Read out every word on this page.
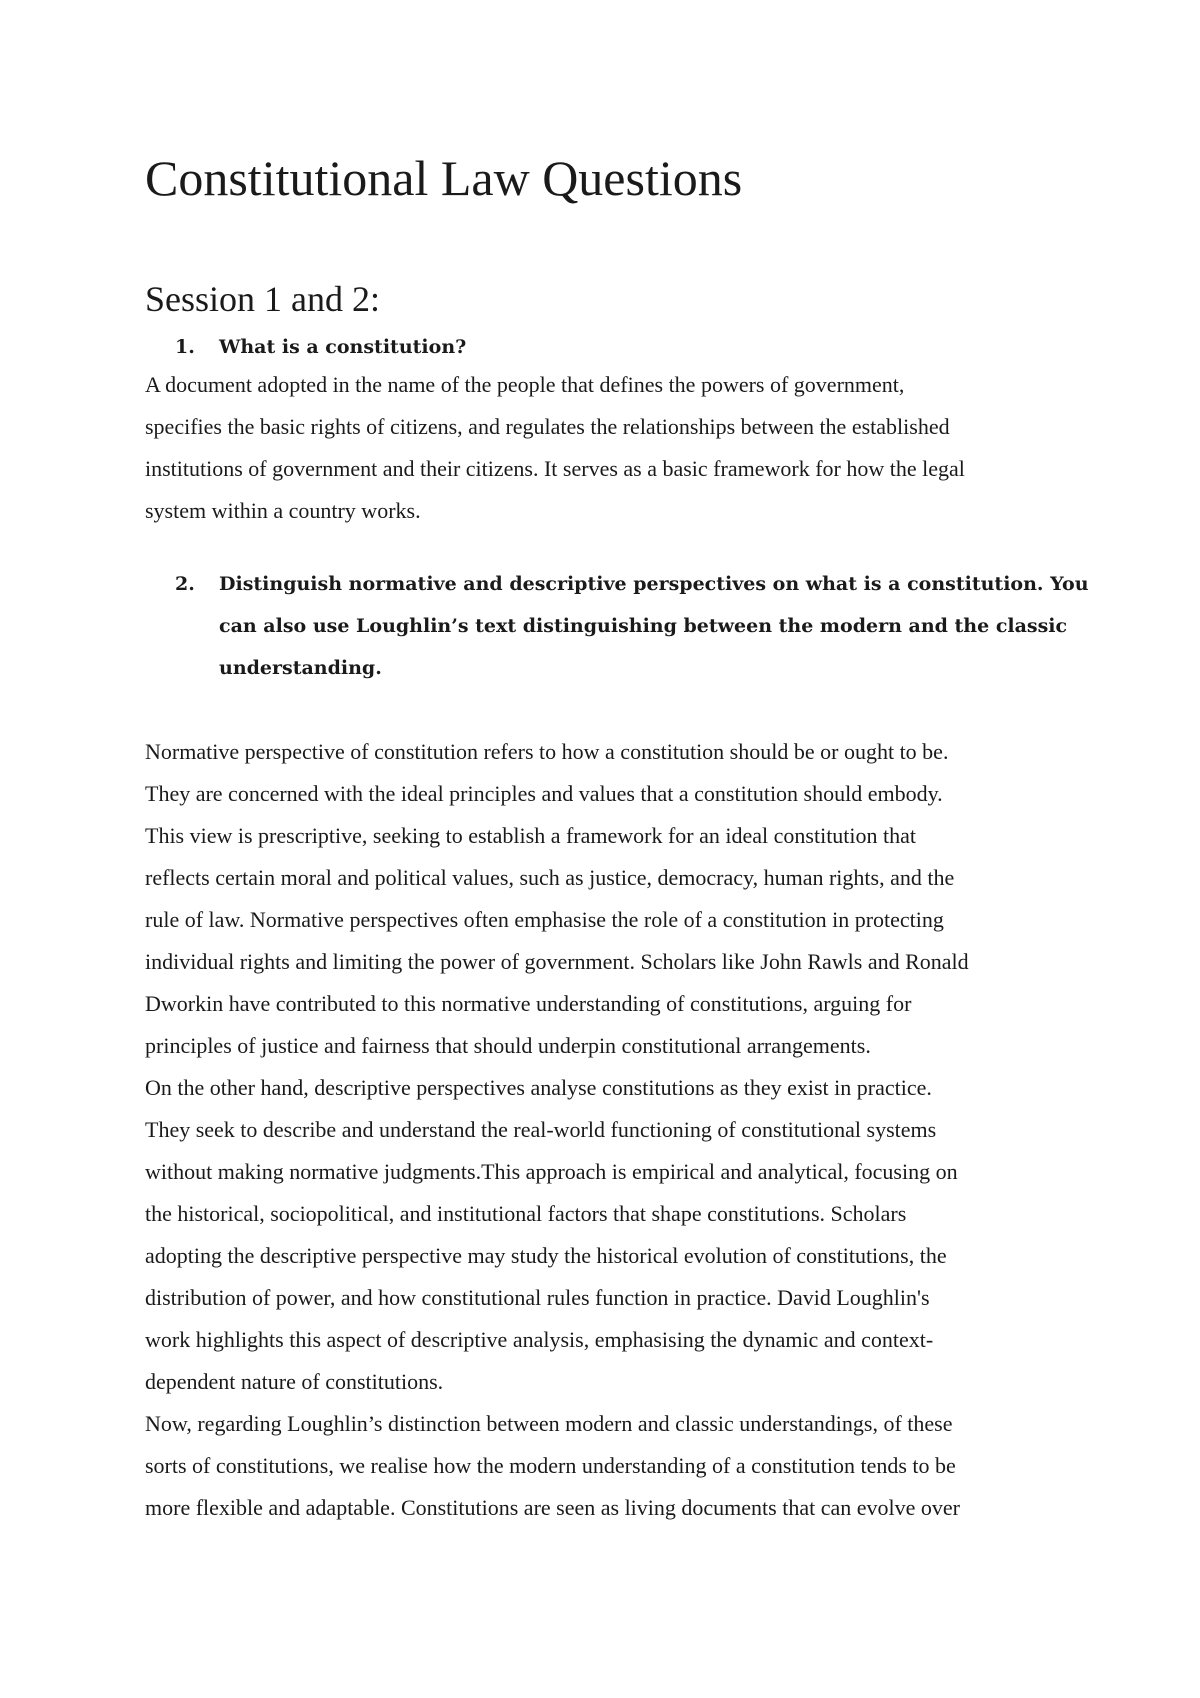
Constitutional Law Questions
Session 1 and 2:
1.	What is a constitution?
A document adopted in the name of the people that defines the powers of government,
specifies the basic rights of citizens, and regulates the relationships between the established
institutions of government and their citizens. It serves as a basic framework for how the legal
system within a country works.
2.	Distinguish normative and descriptive perspectives on what is a constitution. You
can also use Loughlin’s text distinguishing between the modern and the classic
understanding.
Normative perspective of constitution refers to how a constitution should be or ought to be.
They are concerned with the ideal principles and values that a constitution should embody.
This view is prescriptive, seeking to establish a framework for an ideal constitution that
reflects certain moral and political values, such as justice, democracy, human rights, and the
rule of law. Normative perspectives often emphasise the role of a constitution in protecting
individual rights and limiting the power of government. Scholars like John Rawls and Ronald
Dworkin have contributed to this normative understanding of constitutions, arguing for
principles of justice and fairness that should underpin constitutional arrangements.
On the other hand, descriptive perspectives analyse constitutions as they exist in practice.
They seek to describe and understand the real-world functioning of constitutional systems
without making normative judgments.This approach is empirical and analytical, focusing on
the historical, sociopolitical, and institutional factors that shape constitutions. Scholars
adopting the descriptive perspective may study the historical evolution of constitutions, the
distribution of power, and how constitutional rules function in practice. David Loughlin's
work highlights this aspect of descriptive analysis, emphasising the dynamic and context-
dependent nature of constitutions.
Now, regarding Loughlin’s distinction between modern and classic understandings, of these
sorts of constitutions, we realise how the modern understanding of a constitution tends to be
more flexible and adaptable. Constitutions are seen as living documents that can evolve over
